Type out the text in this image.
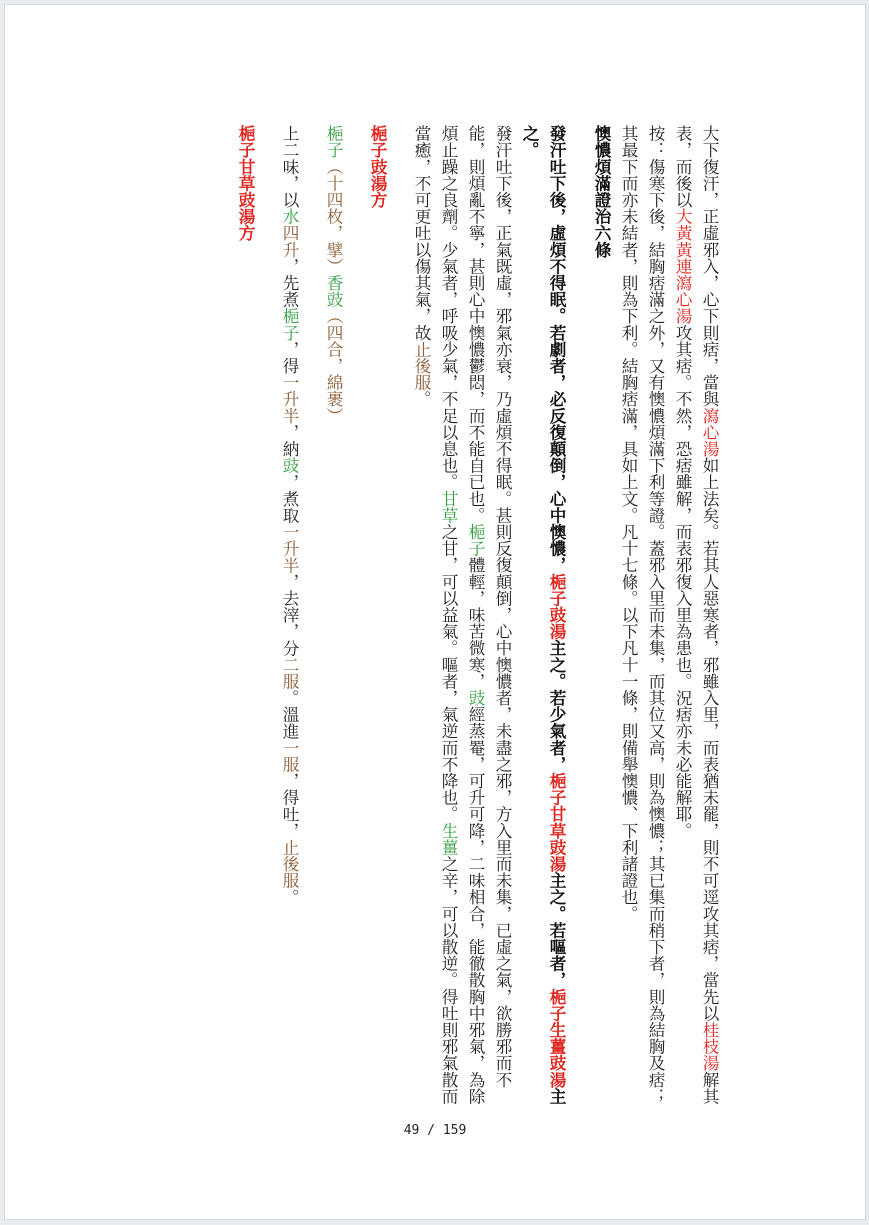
大下復汗，正虛邪入，心下則痞，當與瀉心湯如上法矣。若其人惡寒者，邪雖入里，而表猶未罷，則不可逕攻其痞，當先以桂枝湯解其表，而後以大黃黃連瀉心湯攻其痞。不然，恐痞雖解，而表邪復入里為患也。況痞亦未必能解耶。

按：傷寒下後，結胸痞滿之外，又有懊憹煩滿下利等證。蓋邪入里而未集，而其位又高，則為懊憹；其已集而稍下者，則為結胸及痞；其最下而亦未結者，則為下利。結胸痞滿，具如上文。凡十七條。以下凡十一條，則備舉懊憹、下利諸證也。

懊憹煩滿證治六條

發汗吐下後，虛煩不得眠。若劇者，必反復顛倒，心中懊憹，梔子豉湯主之。若少氣者，梔子甘草豉湯主之。若嘔者，梔子生薑豉湯主之。

發汗吐下後，正氣既虛，邪氣亦衰，乃虛煩不得眠。甚則反復顛倒，心中懊憹者，未盡之邪，方入里而未集，已虛之氣，欲勝邪而不能，則煩亂不寧，甚則心中懊憹鬱悶，而不能自已也。梔子體輕，味苦微寒，豉經蒸罨，可升可降，二味相合，能徹散胸中邪氣，為除煩止躁之良劑。少氣者，呼吸少氣，不足以息也。甘草之甘，可以益氣。嘔者，氣逆而不降也。生薑之辛，可以散逆。得吐則邪氣散而當癒，不可更吐以傷其氣，故止後服。

梔子豉湯方

梔子（十四枚，擘）香豉（四合，綿裹）

上二味，以水四升，先煮梔子，得一升半，納豉，煮取一升半，去滓，分二服。溫進一服，得吐，止後服。

梔子甘草豉湯方

49 / 159
